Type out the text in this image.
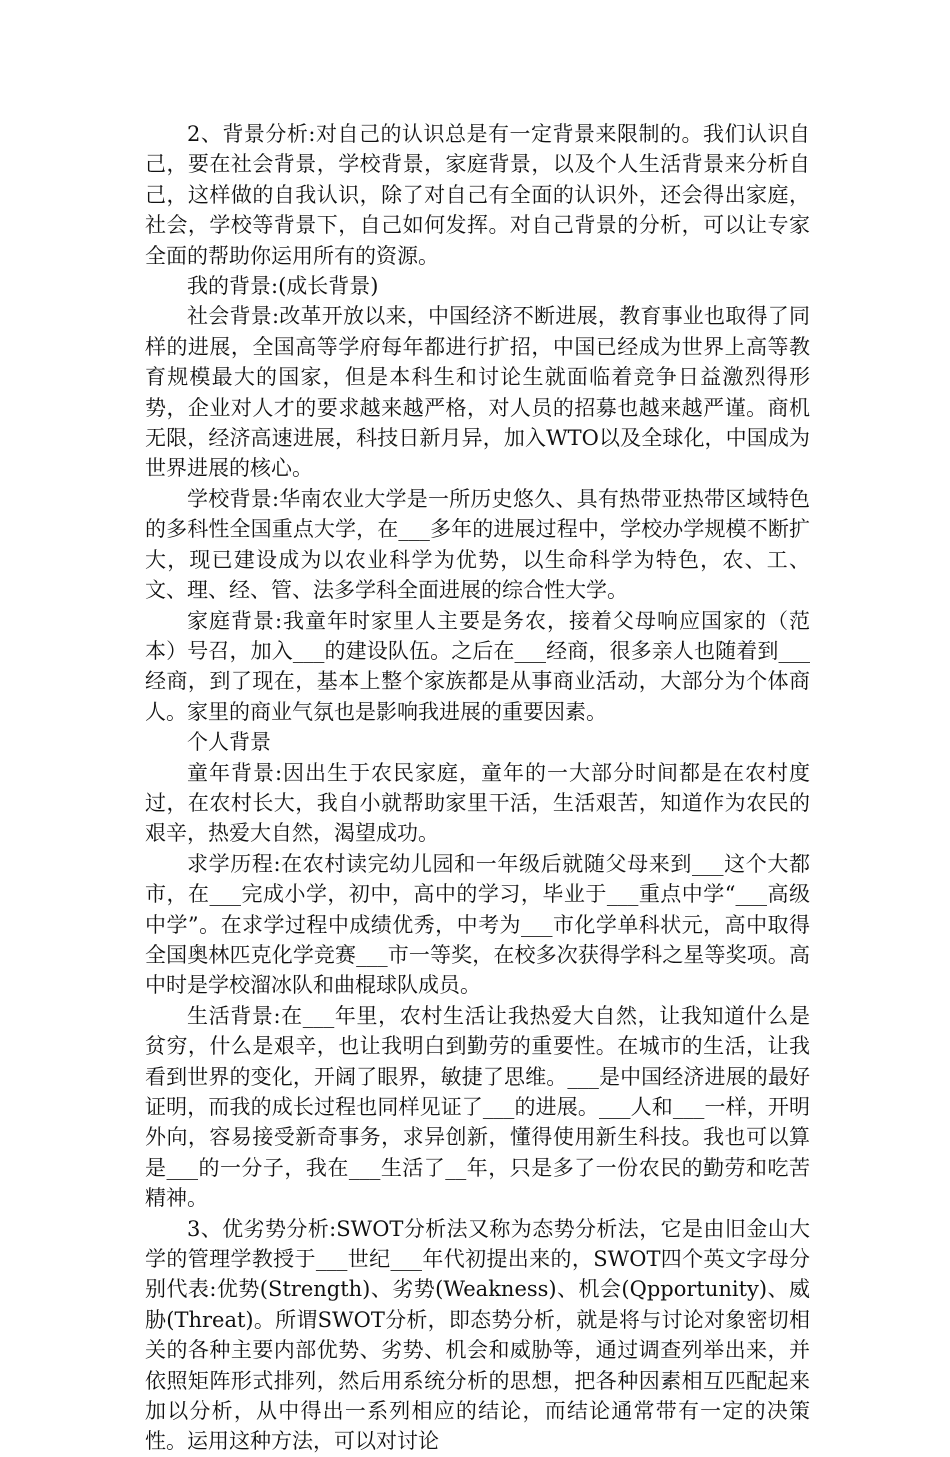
2、背景分析:对自己的认识总是有一定背景来限制的。我们认识自己，要在社会背景，学校背景，家庭背景，以及个人生活背景来分析自己，这样做的自我认识，除了对自己有全面的认识外，还会得出家庭，社会，学校等背景下，自己如何发挥。对自己背景的分析，可以让专家全面的帮助你运用所有的资源。

我的背景:(成长背景)

社会背景:改革开放以来，中国经济不断进展，教育事业也取得了同样的进展，全国高等学府每年都进行扩招，中国已经成为世界上高等教育规模最大的国家，但是本科生和讨论生就面临着竞争日益激烈得形势，企业对人才的要求越来越严格，对人员的招募也越来越严谨。商机无限，经济高速进展，科技日新月异，加入WTO以及全球化，中国成为世界进展的核心。

学校背景:华南农业大学是一所历史悠久、具有热带亚热带区域特色的多科性全国重点大学，在___多年的进展过程中，学校办学规模不断扩大，现已建设成为以农业科学为优势，以生命科学为特色，农、工、文、理、经、管、法多学科全面进展的综合性大学。

家庭背景:我童年时家里人主要是务农，接着父母响应国家的（范本）号召，加入___的建设队伍。之后在___经商，很多亲人也随着到___经商，到了现在，基本上整个家族都是从事商业活动，大部分为个体商人。家里的商业气氛也是影响我进展的重要因素。

个人背景

童年背景:因出生于农民家庭，童年的一大部分时间都是在农村度过，在农村长大，我自小就帮助家里干活，生活艰苦，知道作为农民的艰辛，热爱大自然，渴望成功。

求学历程:在农村读完幼儿园和一年级后就随父母来到___这个大都市，在___完成小学，初中，高中的学习，毕业于___重点中学“___高级中学”。在求学过程中成绩优秀，中考为___市化学单科状元，高中取得全国奥林匹克化学竞赛___市一等奖，在校多次获得学科之星等奖项。高中时是学校溜冰队和曲棍球队成员。

生活背景:在___年里，农村生活让我热爱大自然，让我知道什么是贫穷，什么是艰辛，也让我明白到勤劳的重要性。在城市的生活，让我看到世界的变化，开阔了眼界，敏捷了思维。___是中国经济进展的最好证明，而我的成长过程也同样见证了___的进展。___人和___一样，开明外向，容易接受新奇事务，求异创新，懂得使用新生科技。我也可以算是___的一分子，我在___生活了__年，只是多了一份农民的勤劳和吃苦精神。

3、优劣势分析:SWOT分析法又称为态势分析法，它是由旧金山大学的管理学教授于___世纪___年代初提出来的，SWOT四个英文字母分别代表:优势(Strength)、劣势(Weakness)、机会(Qpportunity)、威胁(Threat)。所谓SWOT分析，即态势分析，就是将与讨论对象密切相关的各种主要内部优势、劣势、机会和威胁等，通过调查列举出来，并依照矩阵形式排列，然后用系统分析的思想，把各种因素相互匹配起来加以分析，从中得出一系列相应的结论，而结论通常带有一定的决策性。运用这种方法，可以对讨论
